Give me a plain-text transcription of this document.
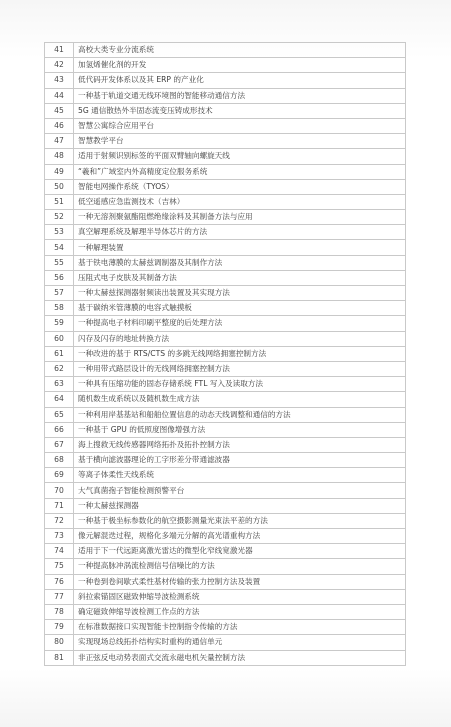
41	高校大类专业分流系统
42	加氢烯催化剂的开发
43	低代码开发体系以及其 ERP 的产业化
44	一种基于轨道交通无线环境图的智能移动通信方法
45	5G 通信散热外半固态流变压铸成形技术
46	智慧公寓综合应用平台
47	智慧教学平台
48	适用于射频识别标签的平面双臂轴向螺旋天线
49	“羲和”广域室内外高精度定位服务系统
50	智能电网操作系统（TYOS）
51	低空遥感应急监测技术（吉林）
52	一种无溶剂聚氨酯阻燃绝缘涂料及其制备方法与应用
53	真空解理系统及解理半导体芯片的方法
54	一种解理装置
55	基于铁电薄膜的太赫兹调制器及其制作方法
56	压阻式电子皮肤及其制备方法
57	一种太赫兹探测器射频读出装置及其实现方法
58	基于碳纳米管薄膜的电容式触摸板
59	一种提高电子材料印刷平整度的后处理方法
60	闪存及闪存的地址转换方法
61	一种改进的基于 RTS/CTS 的多跳无线网络拥塞控制方法
62	一种用带式路层设计的无线网络拥塞控制方法
63	一种具有压缩功能的固态存储系统 FTL 写入及读取方法
64	随机数生成系统以及随机数生成方法
65	一种利用岸基基站和船舶位置信息的动态天线调整和通信的方法
66	一种基于 GPU 的低照度图像增强方法
67	海上搜救无线传感器网络拓扑及拓扑控制方法
68	基于横向滤波器理论的工字形差分带通滤波器
69	等离子体柔性天线系统
70	大气真菌孢子智能检测预警平台
71	一种太赫兹探测器
72	一种基于极坐标参数化的航空摄影测量光束法平差的方法
73	像元解混迭过程，规格化多端元分解的高光谱重构方法
74	适用于下一代远距离激光雷达的微型化窄线宽激光器
75	一种提高脉冲涡流检测信号信噪比的方法
76	一种卷到卷间歇式柔性基材传输的张力控制方法及装置
77	斜拉索锚固区磁致伸缩导波检测系统
78	确定磁致伸缩导波检测工作点的方法
79	在标准数据接口实现智能卡控制指令传输的方法
80	实现现场总线拓扑结构实时重构的通信单元
81	非正弦反电动势表面式交流永磁电机矢量控制方法
